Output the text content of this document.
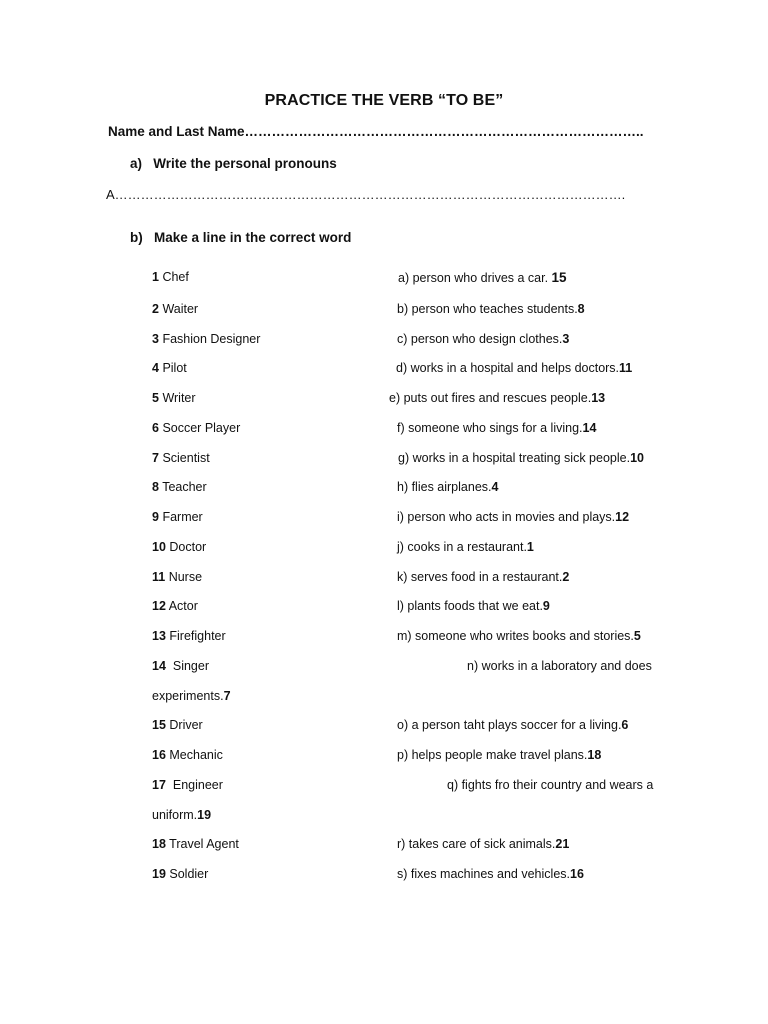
PRACTICE THE VERB “TO BE”
Name and Last Name……………………………………………………………………………..
a) Write the personal pronouns
A……………………………………………………………………………………………………….
b) Make a line in the correct word
1 Chef
2 Waiter
3 Fashion Designer
4 Pilot
5 Writer
6 Soccer Player
7 Scientist
8 Teacher
9 Farmer
10 Doctor
11 Nurse
12 Actor
13 Firefighter
14 Singer
15 Driver
16 Mechanic
17 Engineer
18 Travel Agent
19 Soldier
a) person who drives a car. 15
b) person who teaches students.8
c) person who design clothes.3
d) works in a hospital and helps doctors.11
e) puts out fires and rescues people.13
f) someone who sings for a living.14
g) works in a hospital treating sick people.10
h) flies airplanes.4
i) person who acts in movies and plays.12
j) cooks in a restaurant.1
k) serves food in a restaurant.2
l) plants foods that we eat.9
m) someone who writes books and stories.5
n) works in a laboratory and does
experiments.7
o) a person taht plays soccer for a living.6
p) helps people make travel plans.18
q) fights fro their country and wears a
uniform.19
r) takes care of sick animals.21
s) fixes machines and vehicles.16
